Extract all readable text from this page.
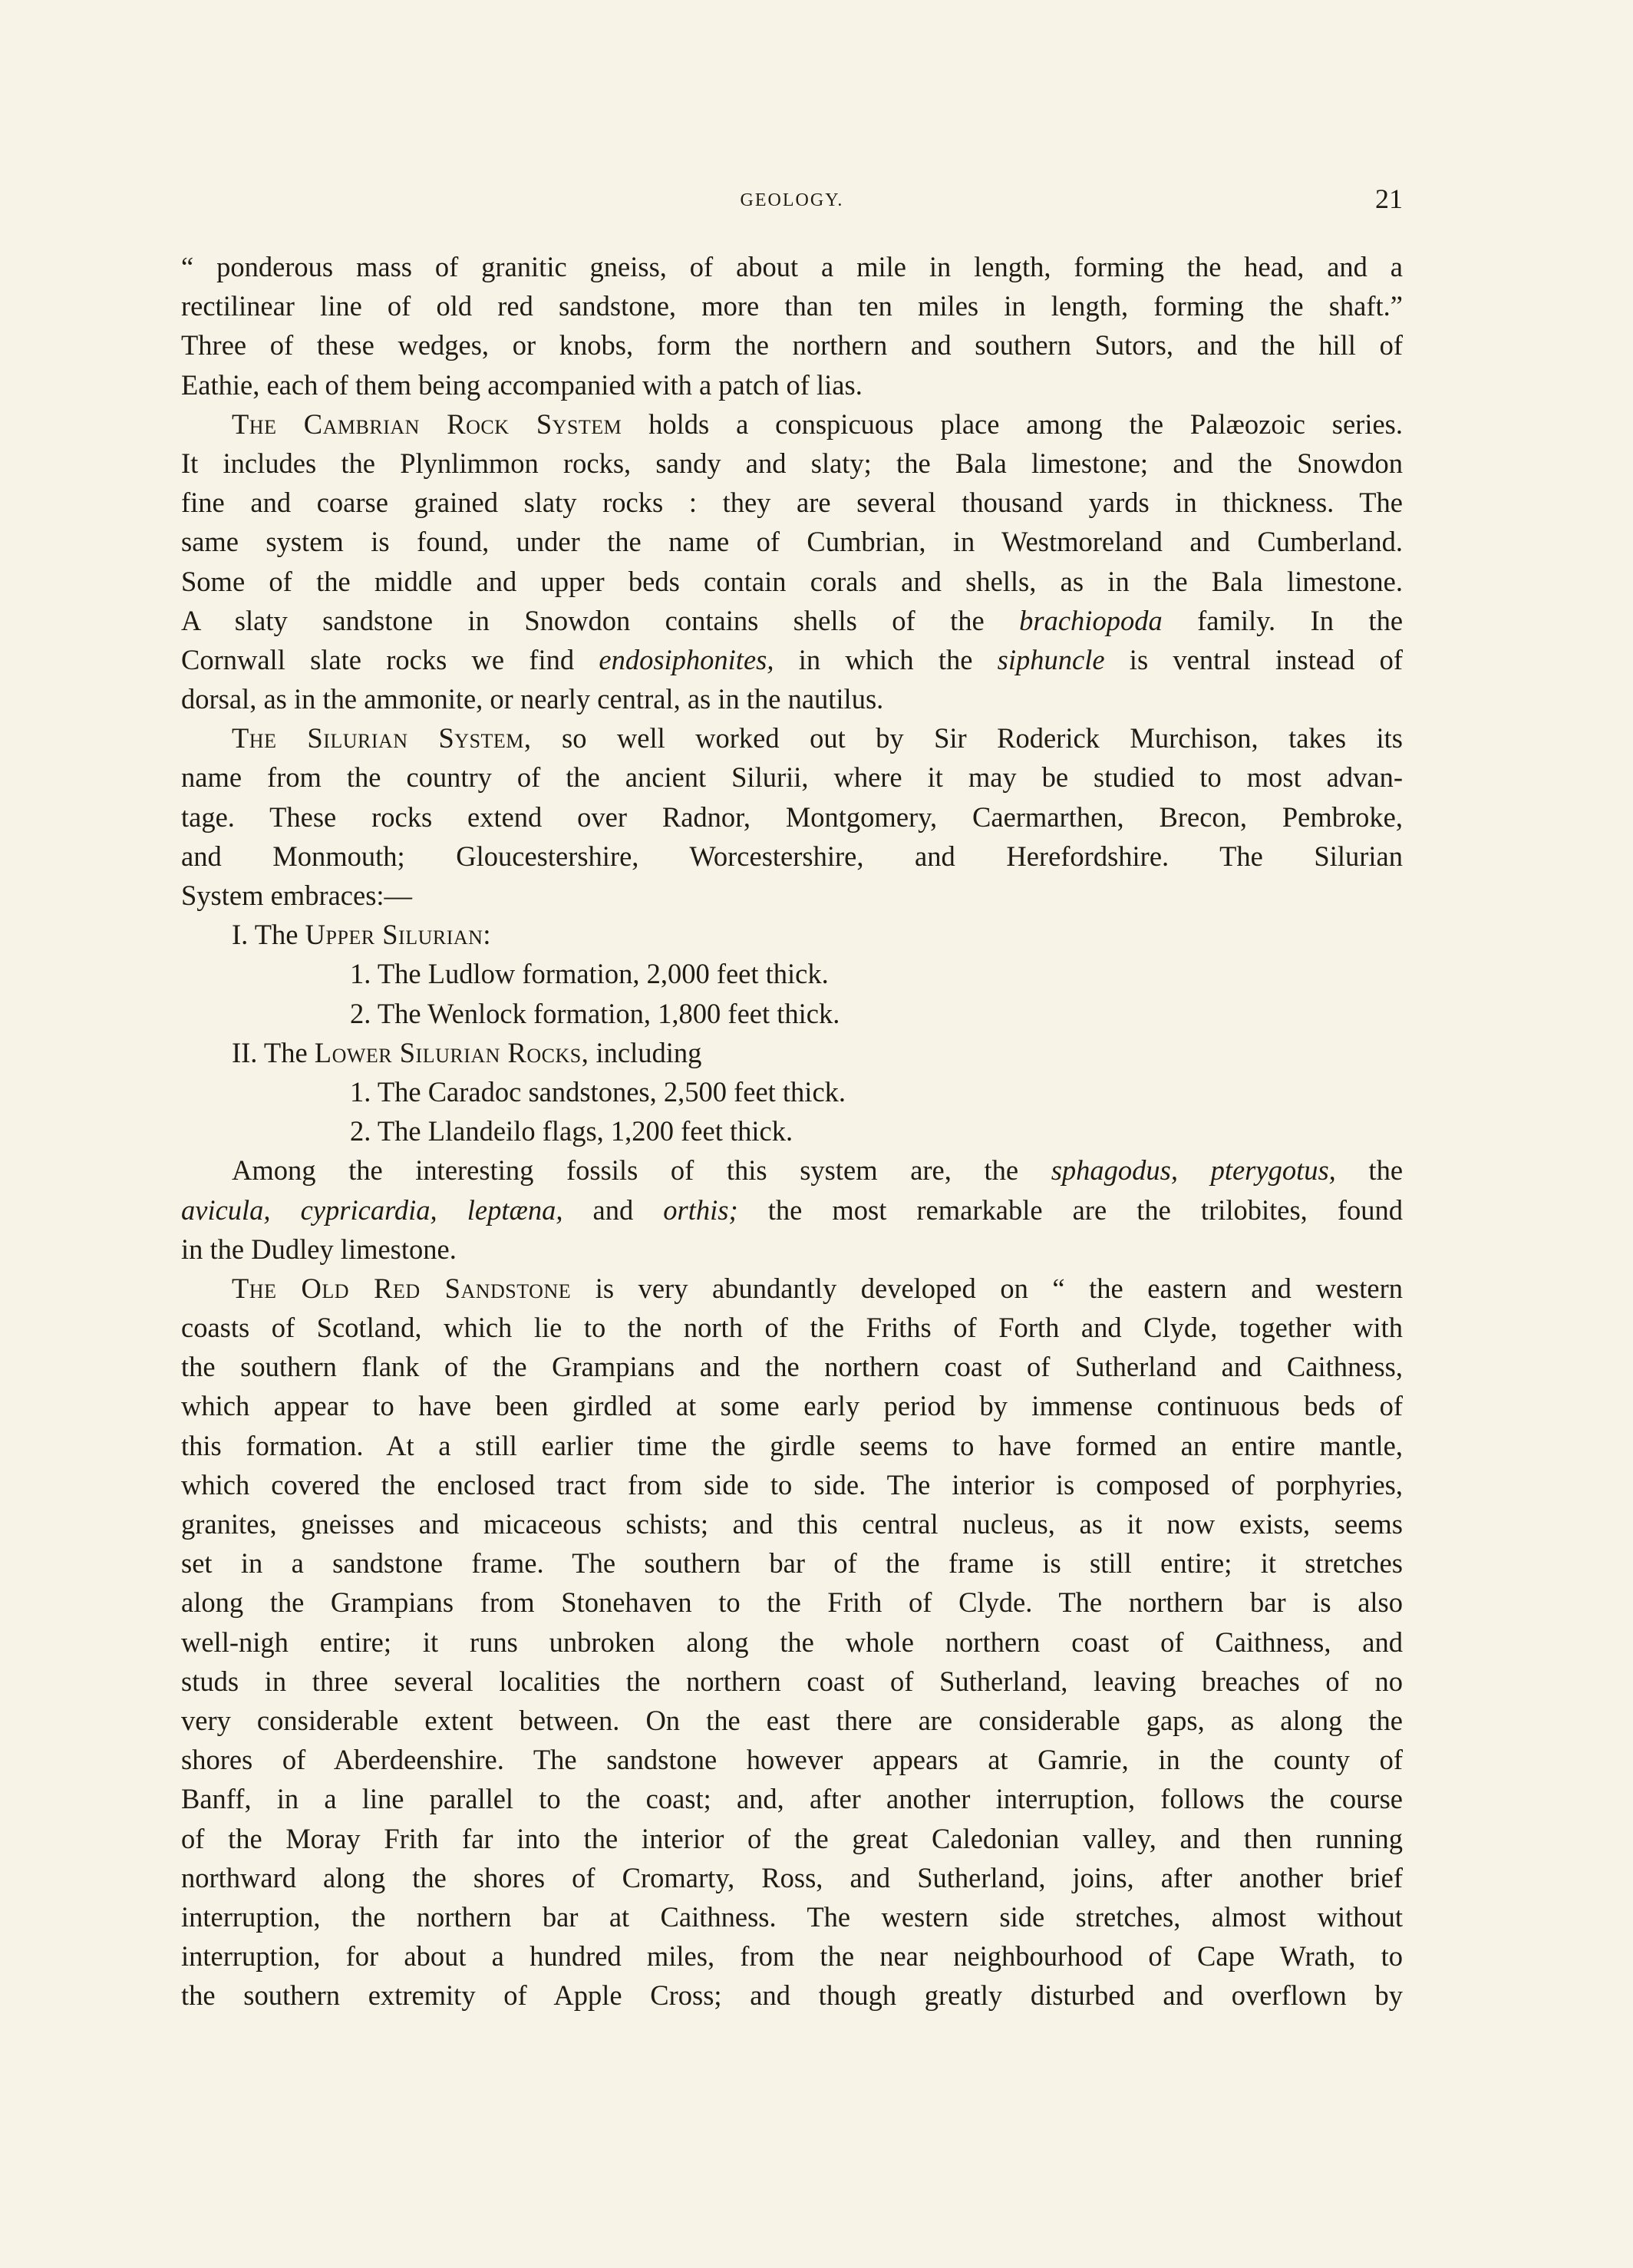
GEOLOGY.	21
“ ponderous mass of granitic gneiss, of about a mile in length, forming the head, and a
rectilinear line of old red sandstone, more than ten miles in length, forming the shaft.”
Three of these wedges, or knobs, form the northern and southern Sutors, and the hill of
Eathie, each of them being accompanied with a patch of lias.
The Cambrian Rock System holds a conspicuous place among the Palæozoic series.
It includes the Plynlimmon rocks, sandy and slaty; the Bala limestone; and the Snowdon
fine and coarse grained slaty rocks : they are several thousand yards in thickness. The
same system is found, under the name of Cumbrian, in Westmoreland and Cumberland.
Some of the middle and upper beds contain corals and shells, as in the Bala limestone.
A slaty sandstone in Snowdon contains shells of the brachiopoda family. In the
Cornwall slate rocks we find endosiphonites, in which the siphuncle is ventral instead of
dorsal, as in the ammonite, or nearly central, as in the nautilus.
The Silurian System, so well worked out by Sir Roderick Murchison, takes its
name from the country of the ancient Silurii, where it may be studied to most advan-
tage. These rocks extend over Radnor, Montgomery, Caermarthen, Brecon, Pembroke,
and Monmouth; Gloucestershire, Worcestershire, and Herefordshire. The Silurian
System embraces:—
I. The Upper Silurian:
1. The Ludlow formation, 2,000 feet thick.
2. The Wenlock formation, 1,800 feet thick.
II. The Lower Silurian Rocks, including
1. The Caradoc sandstones, 2,500 feet thick.
2. The Llandeilo flags, 1,200 feet thick.
Among the interesting fossils of this system are, the sphagodus, pterygotus, the
avicula, cypricardia, leptæna, and orthis; the most remarkable are the trilobites, found
in the Dudley limestone.
The Old Red Sandstone is very abundantly developed on “ the eastern and western
coasts of Scotland, which lie to the north of the Friths of Forth and Clyde, together with
the southern flank of the Grampians and the northern coast of Sutherland and Caithness,
which appear to have been girdled at some early period by immense continuous beds of
this formation. At a still earlier time the girdle seems to have formed an entire mantle,
which covered the enclosed tract from side to side. The interior is composed of porphyries,
granites, gneisses and micaceous schists; and this central nucleus, as it now exists, seems
set in a sandstone frame. The southern bar of the frame is still entire; it stretches
along the Grampians from Stonehaven to the Frith of Clyde. The northern bar is also
well-nigh entire; it runs unbroken along the whole northern coast of Caithness, and
studs in three several localities the northern coast of Sutherland, leaving breaches of no
very considerable extent between. On the east there are considerable gaps, as along the
shores of Aberdeenshire. The sandstone however appears at Gamrie, in the county of
Banff, in a line parallel to the coast; and, after another interruption, follows the course
of the Moray Frith far into the interior of the great Caledonian valley, and then running
northward along the shores of Cromarty, Ross, and Sutherland, joins, after another brief
interruption, the northern bar at Caithness. The western side stretches, almost without
interruption, for about a hundred miles, from the near neighbourhood of Cape Wrath, to
the southern extremity of Apple Cross; and though greatly disturbed and overflown by
